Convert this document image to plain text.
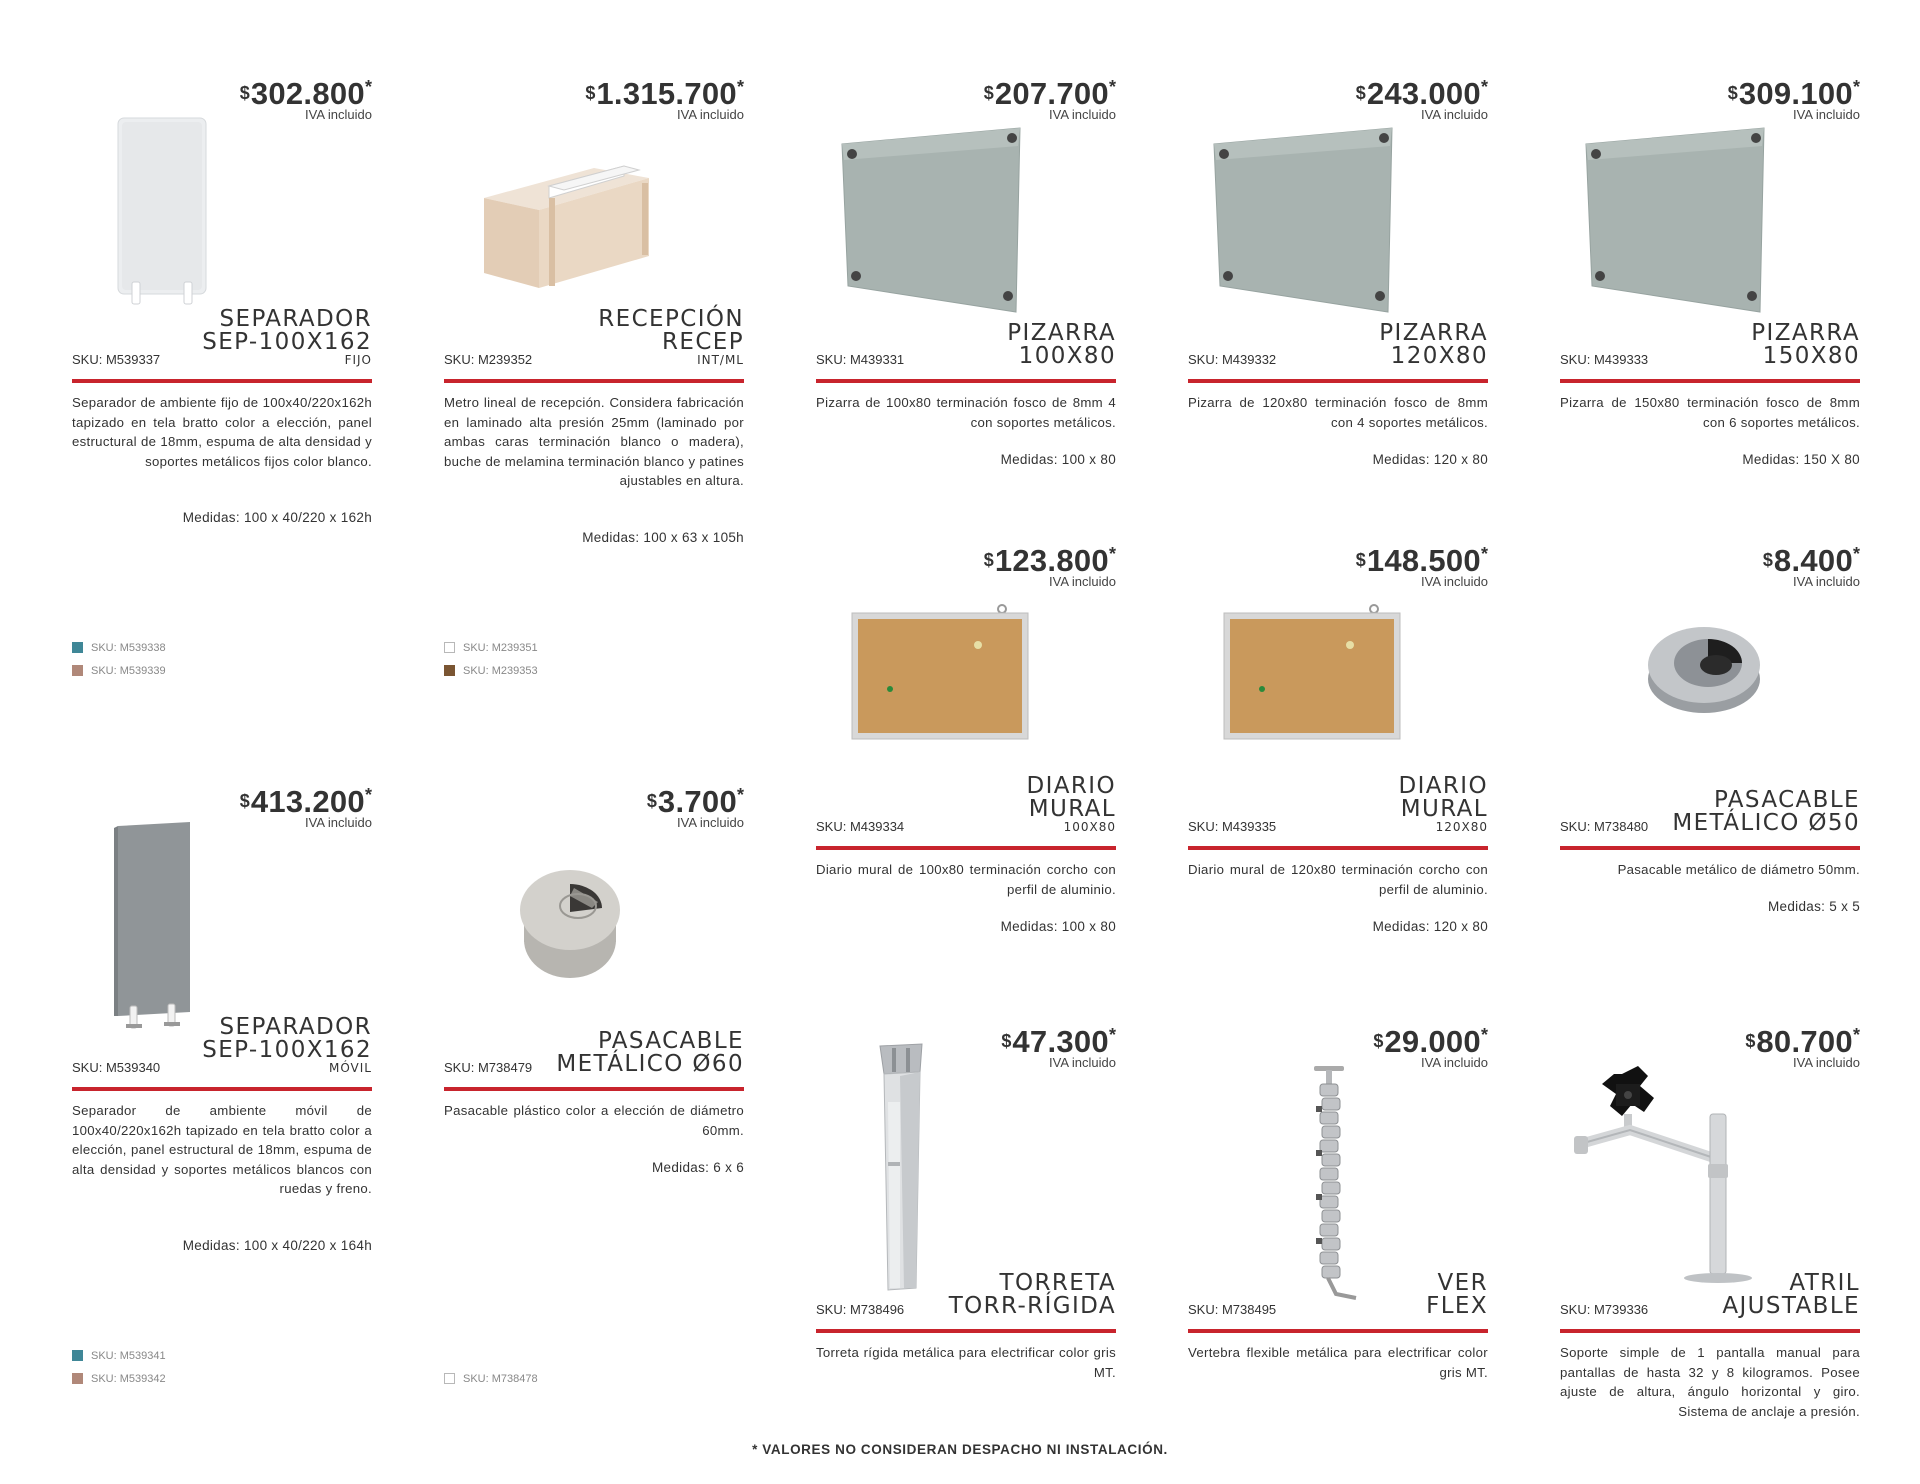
$302.800*
IVA incluido
SEPARADOR
SEP-100X162
FIJO
SKU: M539337
Separador de ambiente fijo de 100x40/220x162h tapizado en tela bratto color a elección, panel estructural de 18mm, espuma de alta densidad y soportes metálicos fijos color blanco.
Medidas: 100 x 40/220 x 162h
SKU: M539338
SKU: M539339
$1.315.700*
IVA incluido
RECEPCIÓN
RECEP
INT/ML
SKU: M239352
Metro lineal de recepción. Considera fabricación en laminado alta presión 25mm (laminado por ambas caras terminación blanco o madera), buche de melamina terminación blanco y patines ajustables en altura.
Medidas: 100 x 63 x 105h
SKU: M239351
SKU: M239353
$207.700*
IVA incluido
PIZARRA
100X80
SKU: M439331
Pizarra de 100x80 terminación fosco de 8mm 4 con soportes metálicos.
Medidas: 100 x 80
$243.000*
IVA incluido
PIZARRA
120X80
SKU: M439332
Pizarra de 120x80 terminación fosco de 8mm con 4 soportes metálicos.
Medidas: 120 x 80
$309.100*
IVA incluido
PIZARRA
150X80
SKU: M439333
Pizarra de 150x80 terminación fosco de 8mm con 6 soportes metálicos.
Medidas: 150 X 80
$123.800*
IVA incluido
DIARIO
MURAL
100X80
SKU: M439334
Diario mural de 100x80 terminación corcho con perfil de aluminio.
Medidas: 100 x 80
$148.500*
IVA incluido
DIARIO
MURAL
120X80
SKU: M439335
Diario mural de 120x80 terminación corcho con perfil de aluminio.
Medidas: 120 x 80
$8.400*
IVA incluido
PASACABLE
METÁLICO Ø50
SKU: M738480
Pasacable metálico de diámetro 50mm.
Medidas: 5 x 5
$413.200*
IVA incluido
SEPARADOR
SEP-100X162
MÓVIL
SKU: M539340
Separador de ambiente móvil de 100x40/220x162h tapizado en tela bratto color a elección, panel estructural de 18mm, espuma de alta densidad y soportes metálicos blancos con ruedas y freno.
Medidas: 100 x 40/220 x 164h
SKU: M539341
SKU: M539342
$3.700*
IVA incluido
PASACABLE
METÁLICO Ø60
SKU: M738479
Pasacable plástico color a elección de diámetro 60mm.
Medidas: 6 x 6
SKU: M738478
$47.300*
IVA incluido
TORRETA
TORR-RÍGIDA
SKU: M738496
Torreta rígida metálica para electrificar color gris MT.
$29.000*
IVA incluido
VER
FLEX
SKU: M738495
Vertebra flexible metálica para electrificar color gris MT.
$80.700*
IVA incluido
ATRIL
AJUSTABLE
SKU: M739336
Soporte simple de 1 pantalla manual para pantallas de hasta 32 y 8 kilogramos. Posee ajuste de altura, ángulo horizontal y giro. Sistema de anclaje a presión.
* VALORES NO CONSIDERAN DESPACHO NI INSTALACIÓN.
